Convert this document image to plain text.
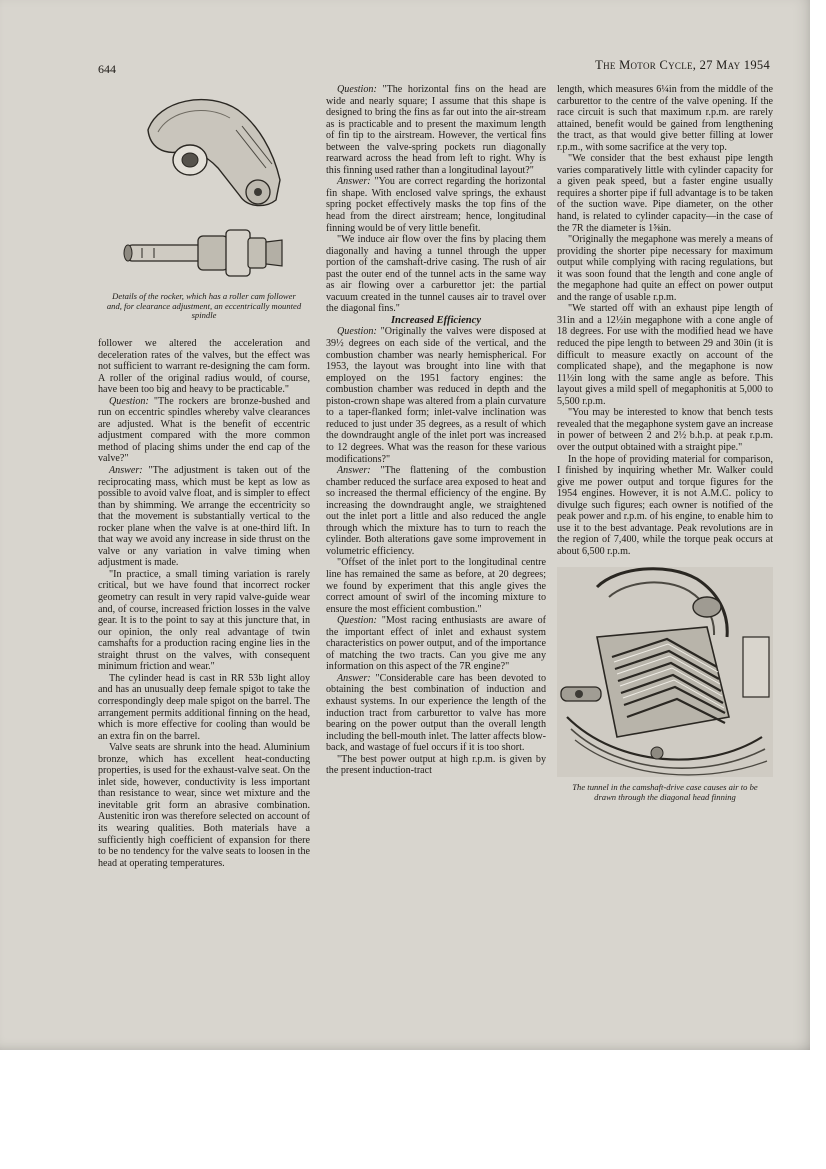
644	The Motor Cycle, 27 May 1954
Details of the rocker, which has a roller cam follower and, for clearance adjustment, an eccentrically mounted spindle

follower we altered the acceleration and deceleration rates of the valves, but the effect was not sufficient to warrant re-designing the cam form. A roller of the original radius would, of course, have been too big and heavy to be practicable."

Question: "The rockers are bronze-bushed and run on eccentric spindles whereby valve clearances are adjusted. What is the benefit of eccentric adjustment compared with the more common method of placing shims under the end cap of the valve?"

Answer: "The adjustment is taken out of the reciprocating mass, which must be kept as low as possible to avoid valve float, and is simpler to effect than by shimming. We arrange the eccentricity so that the movement is substantially vertical to the rocker plane when the valve is at one-third lift. In that way we avoid any increase in side thrust on the valve or any variation in valve timing when adjustment is made.

"In practice, a small timing variation is rarely critical, but we have found that incorrect rocker geometry can result in very rapid valve-guide wear and, of course, increased friction losses in the valve gear. It is to the point to say at this juncture that, in our opinion, the only real advantage of twin camshafts for a production racing engine lies in the straight thrust on the valves, with consequent minimum friction and wear."

The cylinder head is cast in RR 53b light alloy and has an unusually deep female spigot to take the correspondingly deep male spigot on the barrel. The arrangement permits additional finning on the head, which is more effective for cooling than would be an extra fin on the barrel.

Valve seats are shrunk into the head. Aluminium bronze, which has excellent heat-conducting properties, is used for the exhaust-valve seat. On the inlet side, however, conductivity is less important than resistance to wear, since wet mixture and the inevitable grit form an abrasive combination. Austenitic iron was therefore selected on account of its wearing qualities. Both materials have a sufficiently high coefficient of expansion for there to be no tendency for the valve seats to loosen in the head at operating temperatures.

Question: "The horizontal fins on the head are wide and nearly square; I assume that this shape is designed to bring the fins as far out into the air-stream as is practicable and to present the maximum length of fin tip to the airstream. However, the vertical fins between the valve-spring pockets run diagonally rearward across the head from left to right. Why is this finning used rather than a longitudinal layout?"

Answer: "You are correct regarding the horizontal fin shape. With enclosed valve springs, the exhaust spring pocket effectively masks the top fins of the head from the direct airstream; hence, longitudinal finning would be of very little benefit.

"We induce air flow over the fins by placing them diagonally and having a tunnel through the upper portion of the camshaft-drive casing. The rush of air past the outer end of the tunnel acts in the same way as air flowing over a carburettor jet: the partial vacuum created in the tunnel causes air to travel over the diagonal fins."

Increased Efficiency

Question: "Originally the valves were disposed at 39½ degrees on each side of the vertical, and the combustion chamber was nearly hemispherical. For 1953, the layout was brought into line with that employed on the 1951 factory engines: the combustion chamber was reduced in depth and the piston-crown shape was altered from a plain curvature to a taper-flanked form; inlet-valve inclination was reduced to just under 35 degrees, as a result of which the downdraught angle of the inlet port was increased to 12 degrees. What was the reason for these various modifications?"

Answer: "The flattening of the combustion chamber reduced the surface area exposed to heat and so increased the thermal efficiency of the engine. By increasing the downdraught angle, we straightened out the inlet port a little and also reduced the angle through which the mixture has to turn to reach the cylinder. Both alterations gave some improvement in volumetric efficiency.

"Offset of the inlet port to the longitudinal centre line has remained the same as before, at 20 degrees; we found by experiment that this angle gives the correct amount of swirl of the incoming mixture to ensure the most efficient combustion."

Question: "Most racing enthusiasts are aware of the important effect of inlet and exhaust system characteristics on power output, and of the importance of matching the two tracts. Can you give me any information on this aspect of the 7R engine?"

Answer: "Considerable care has been devoted to obtaining the best combination of induction and exhaust systems. In our experience the length of the induction tract from carburettor to valve has more bearing on the power output than the overall length including the bell-mouth inlet. The latter affects blow-back, and wastage of fuel occurs if it is too short.

"The best power output at high r.p.m. is given by the present induction-tract

length, which measures 6¼in from the middle of the carburettor to the centre of the valve opening. If the race circuit is such that maximum r.p.m. are rarely attained, benefit would be gained from lengthening the tract, as that would give better filling at lower r.p.m., with some sacrifice at the very top.

"We consider that the best exhaust pipe length varies comparatively little with cylinder capacity for a given peak speed, but a faster engine usually requires a shorter pipe if full advantage is to be taken of the suction wave. Pipe diameter, on the other hand, is related to cylinder capacity—in the case of the 7R the diameter is 1⅝in.

"Originally the megaphone was merely a means of providing the shorter pipe necessary for maximum output while complying with racing regulations, but it was soon found that the length and cone angle of the megaphone had quite an effect on power output and the range of usable r.p.m.

"We started off with an exhaust pipe length of 31in and a 12½in megaphone with a cone angle of 18 degrees. For use with the modified head we have reduced the pipe length to between 29 and 30in (it is difficult to measure exactly on account of the complicated shape), and the megaphone is now 11½in long with the same angle as before. This layout gives a mild spell of megaphonitis at 5,000 to 5,500 r.p.m.

"You may be interested to know that bench tests revealed that the megaphone system gave an increase in power of between 2 and 2½ b.h.p. at peak r.p.m. over the output obtained with a straight pipe."

In the hope of providing material for comparison, I finished by inquiring whether Mr. Walker could give me power output and torque figures for the 1954 engines. However, it is not A.M.C. policy to divulge such figures; each owner is notified of the peak power and r.p.m. of his engine, to enable him to use it to the best advantage. Peak revolutions are in the region of 7,400, while the torque peak occurs at about 6,500 r.p.m.

The tunnel in the camshaft-drive case causes air to be drawn through the diagonal head finning
